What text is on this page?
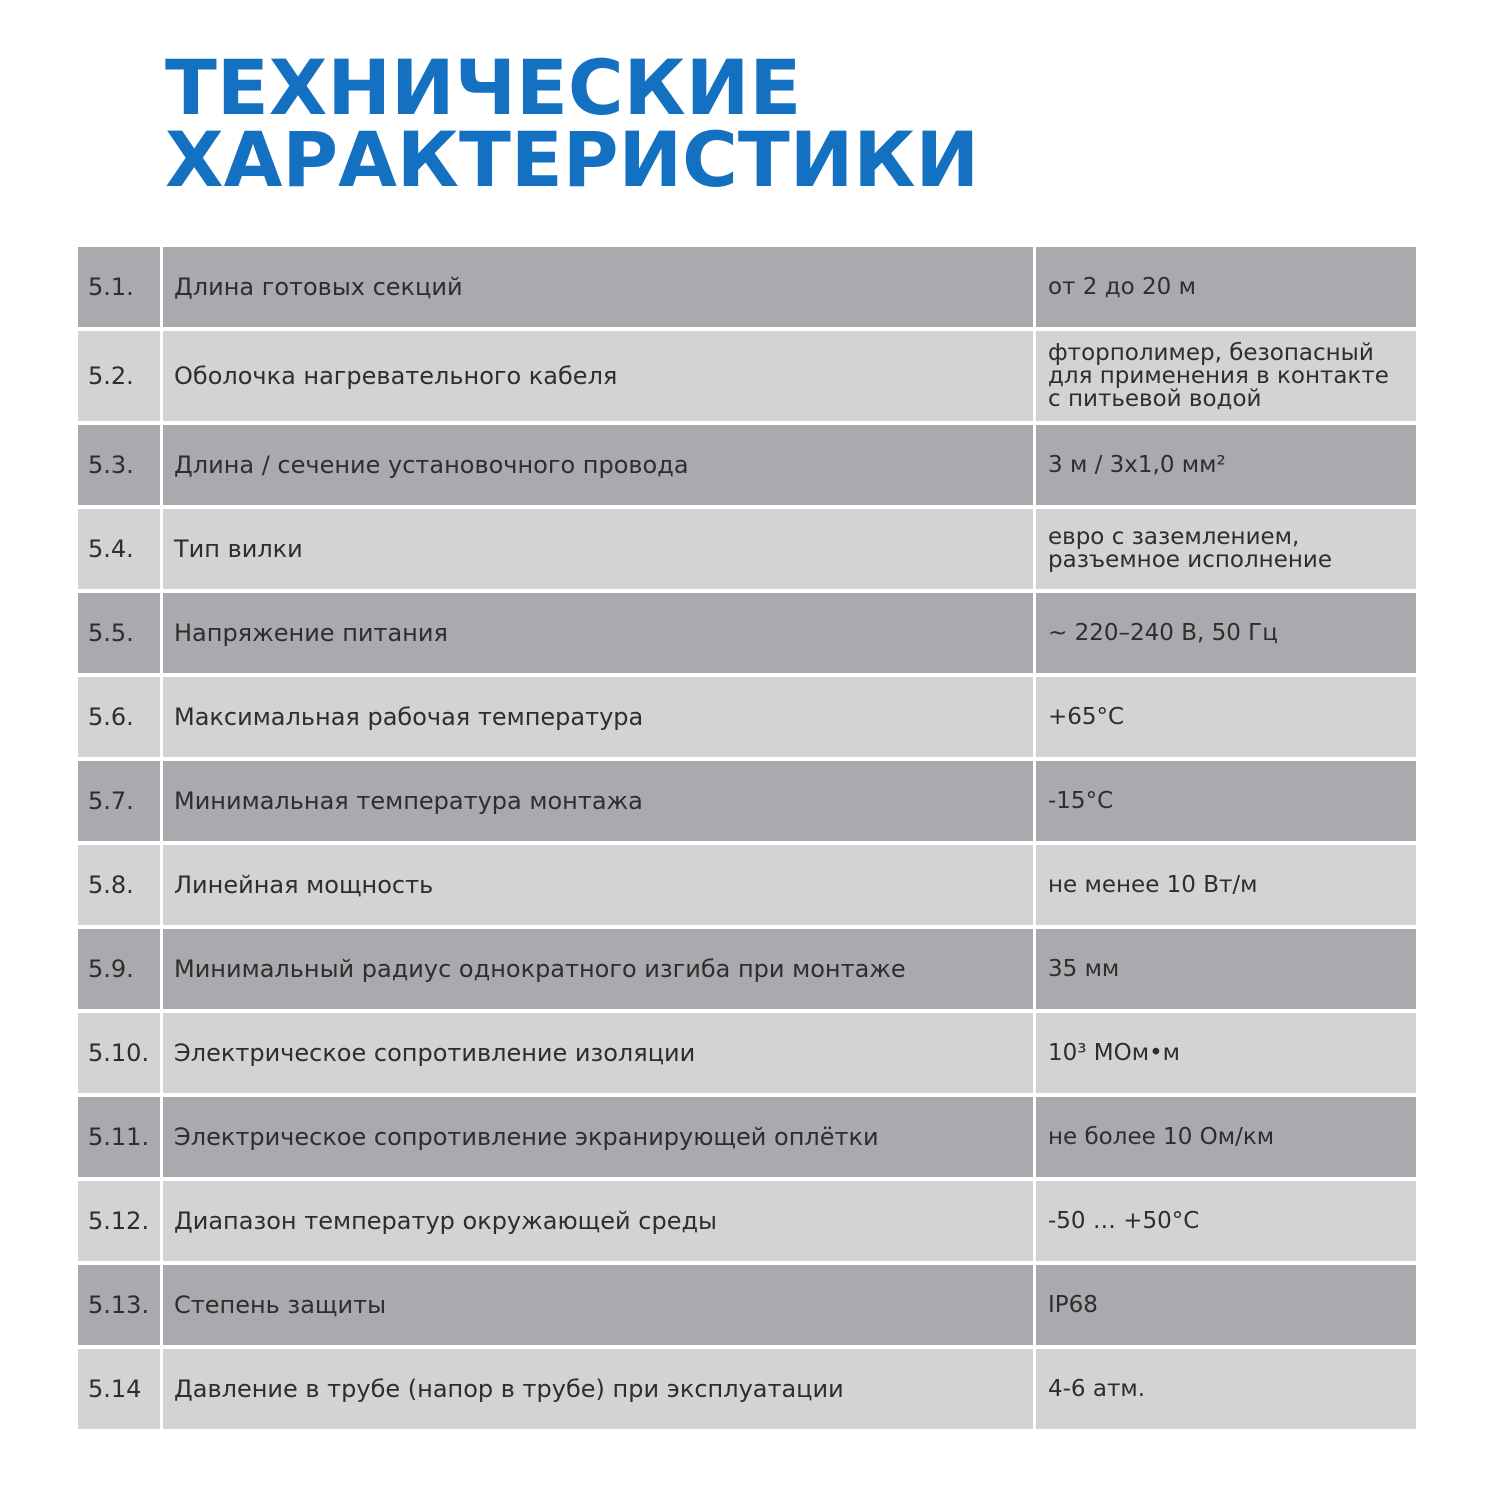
ТЕХНИЧЕСКИЕ
ХАРАКТЕРИСТИКИ
5.1.	Длина готовых секций	от 2 до 20 м
5.2.	Оболочка нагревательного кабеля
фторполимер, безопасный
для применения в контакте
с питьевой водой
5.3.	Длина / сечение установочного провода	3 м / 3х1,0 мм²
5.4.	Тип вилки	евро с заземлением,
разъемное исполнение
5.5.	Напряжение питания	~ 220–240 В, 50 Гц
5.6.	Максимальная рабочая температура	+65°С
5.7.	Минимальная температура монтажа	-15°С
5.8.	Линейная мощность	не менее 10 Вт/м
5.9.	Минимальный радиус однократного изгиба при монтаже	35 мм
5.10.	Электрическое сопротивление изоляции	10³ МОм•м
5.11.	Электрическое сопротивление экранирующей оплётки	не более 10 Ом/км
5.12.	Диапазон температур окружающей среды	-50 … +50°С
5.13.	Степень защиты	IP68
5.14	Давление в трубе (напор в трубе) при эксплуатации	4-6 атм.
